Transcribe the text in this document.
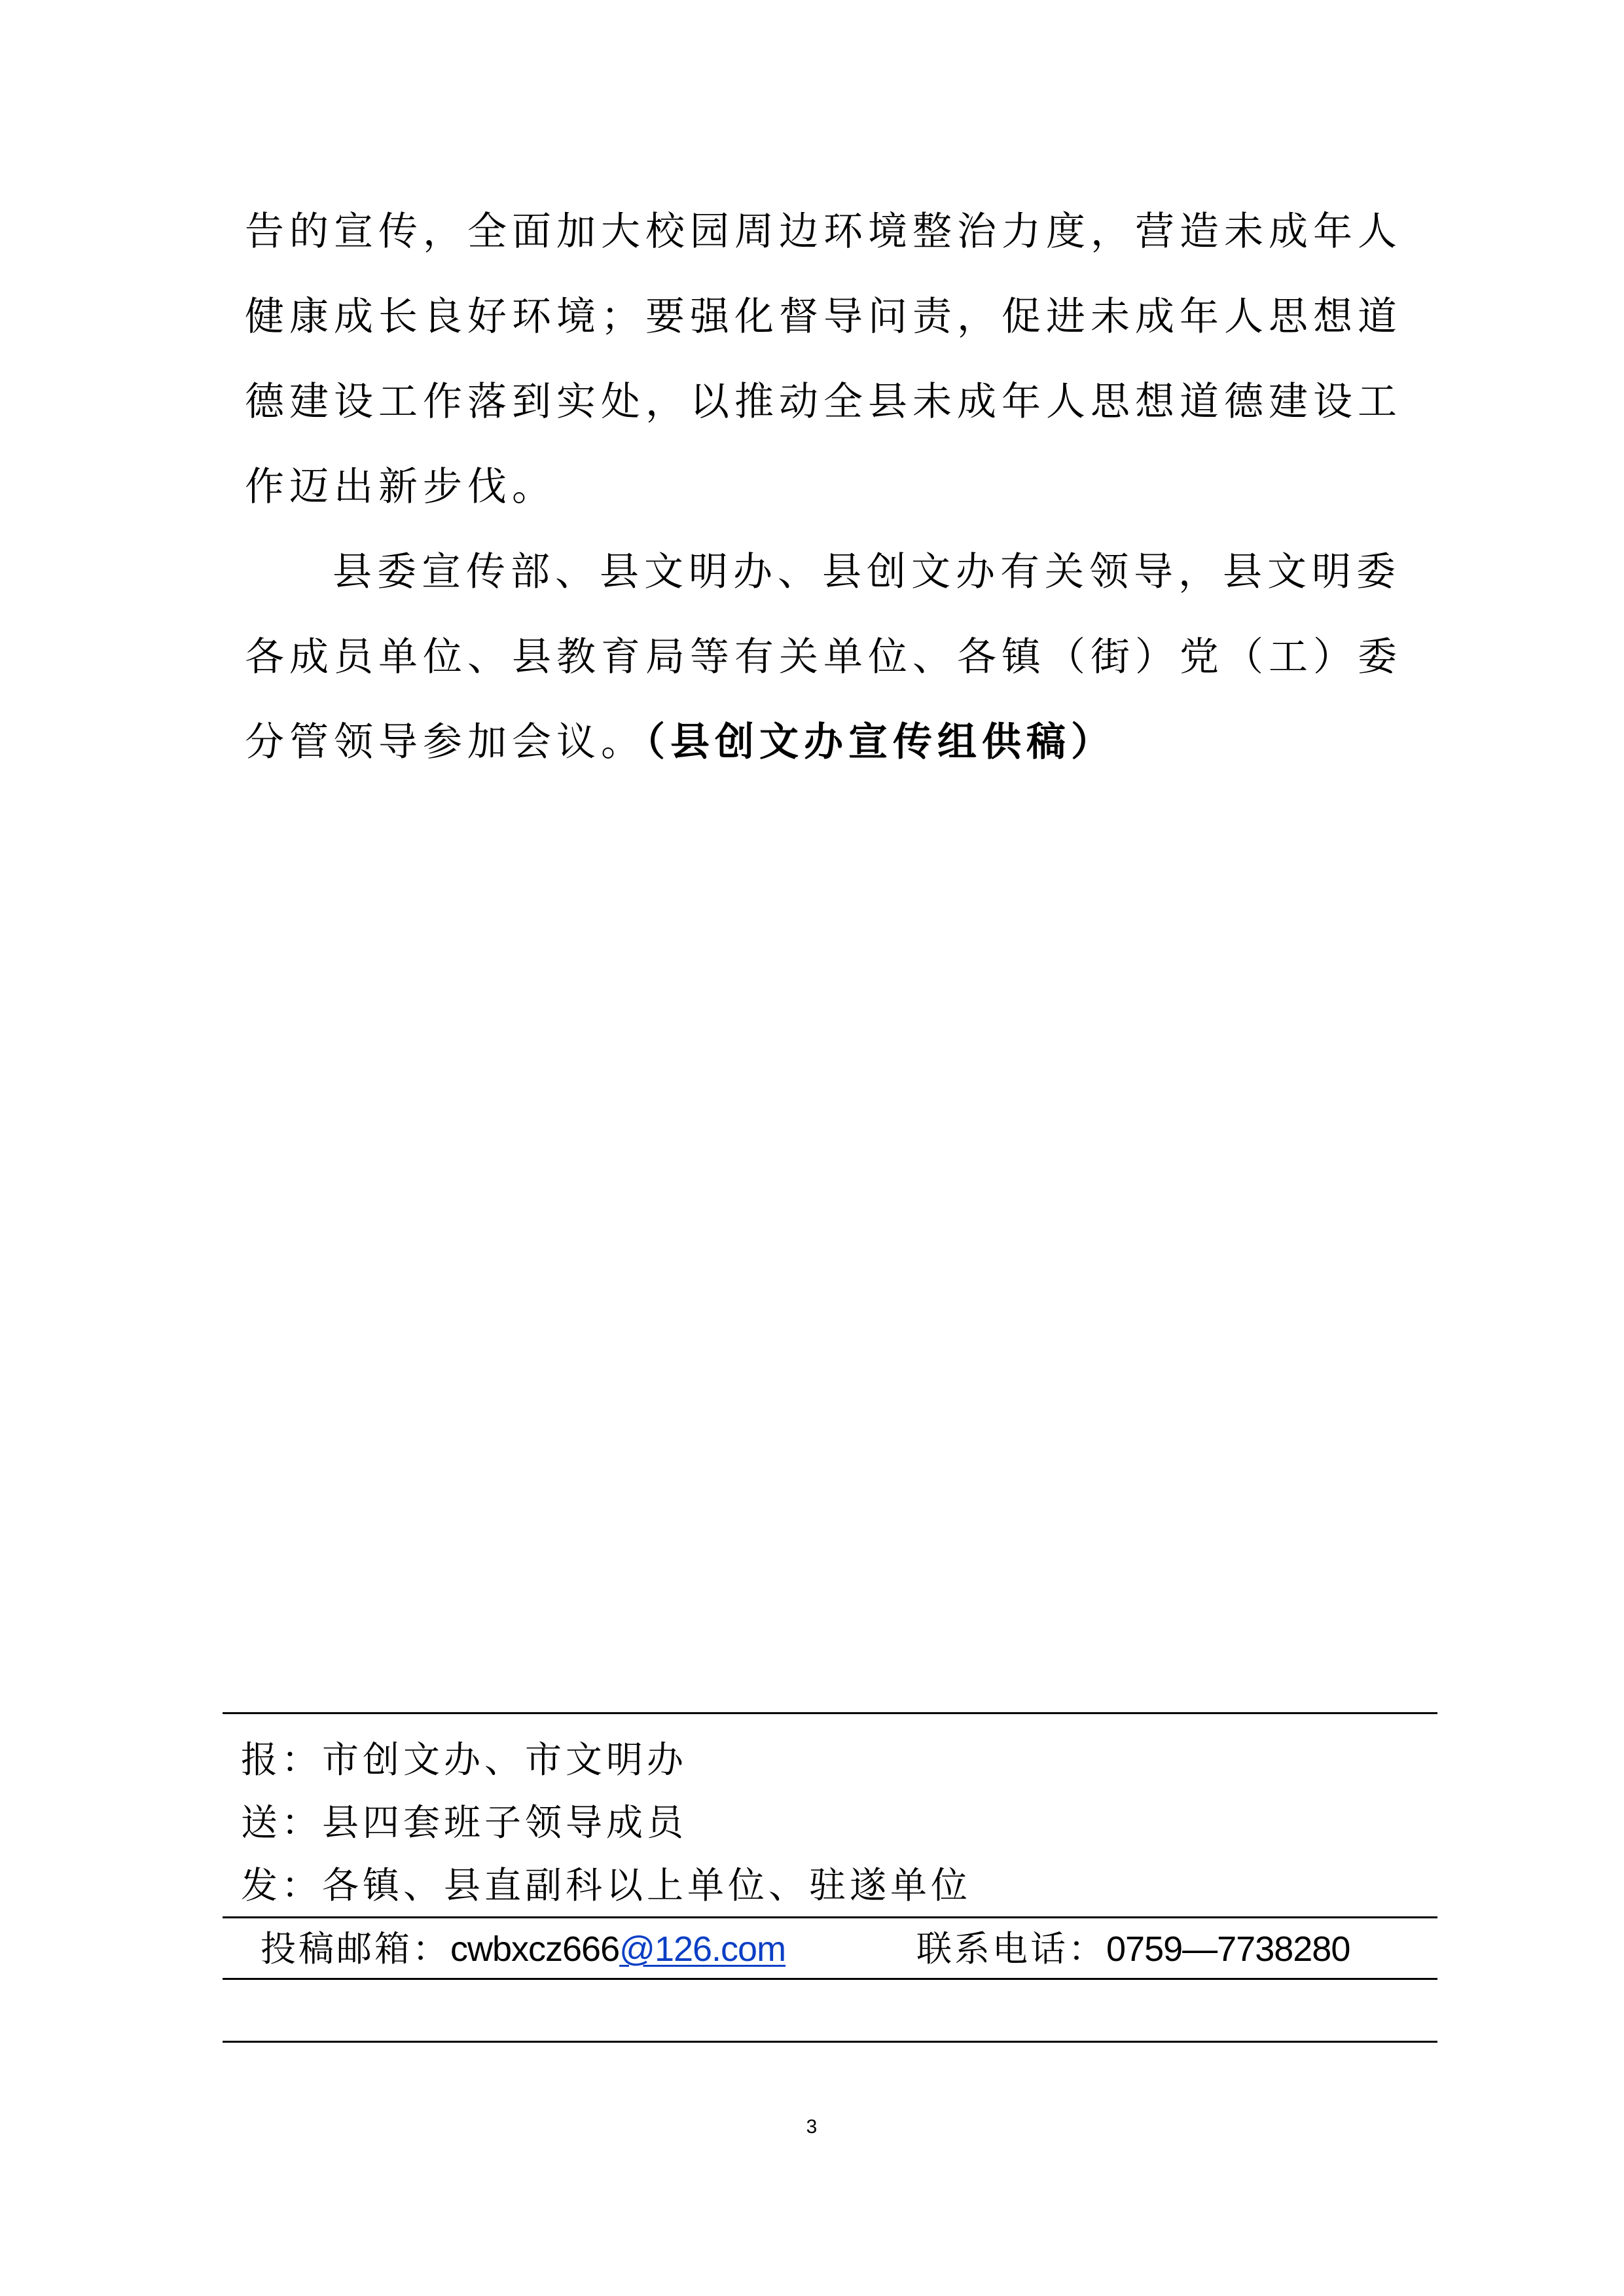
告的宣传，全面加大校园周边环境整治力度，营造未成年人
健康成长良好环境；要强化督导问责，促进未成年人思想道
德建设工作落到实处，以推动全县未成年人思想道德建设工
作迈出新步伐。
县委宣传部、县文明办、县创文办有关领导，县文明委
各成员单位、县教育局等有关单位、各镇（街）党（工）委
分管领导参加会议。（县创文办宣传组供稿）
报：市创文办、市文明办
送：县四套班子领导成员
发：各镇、县直副科以上单位、驻遂单位
投稿邮箱：cwbxcz666@126.com	联系电话：0759—7738280
3
